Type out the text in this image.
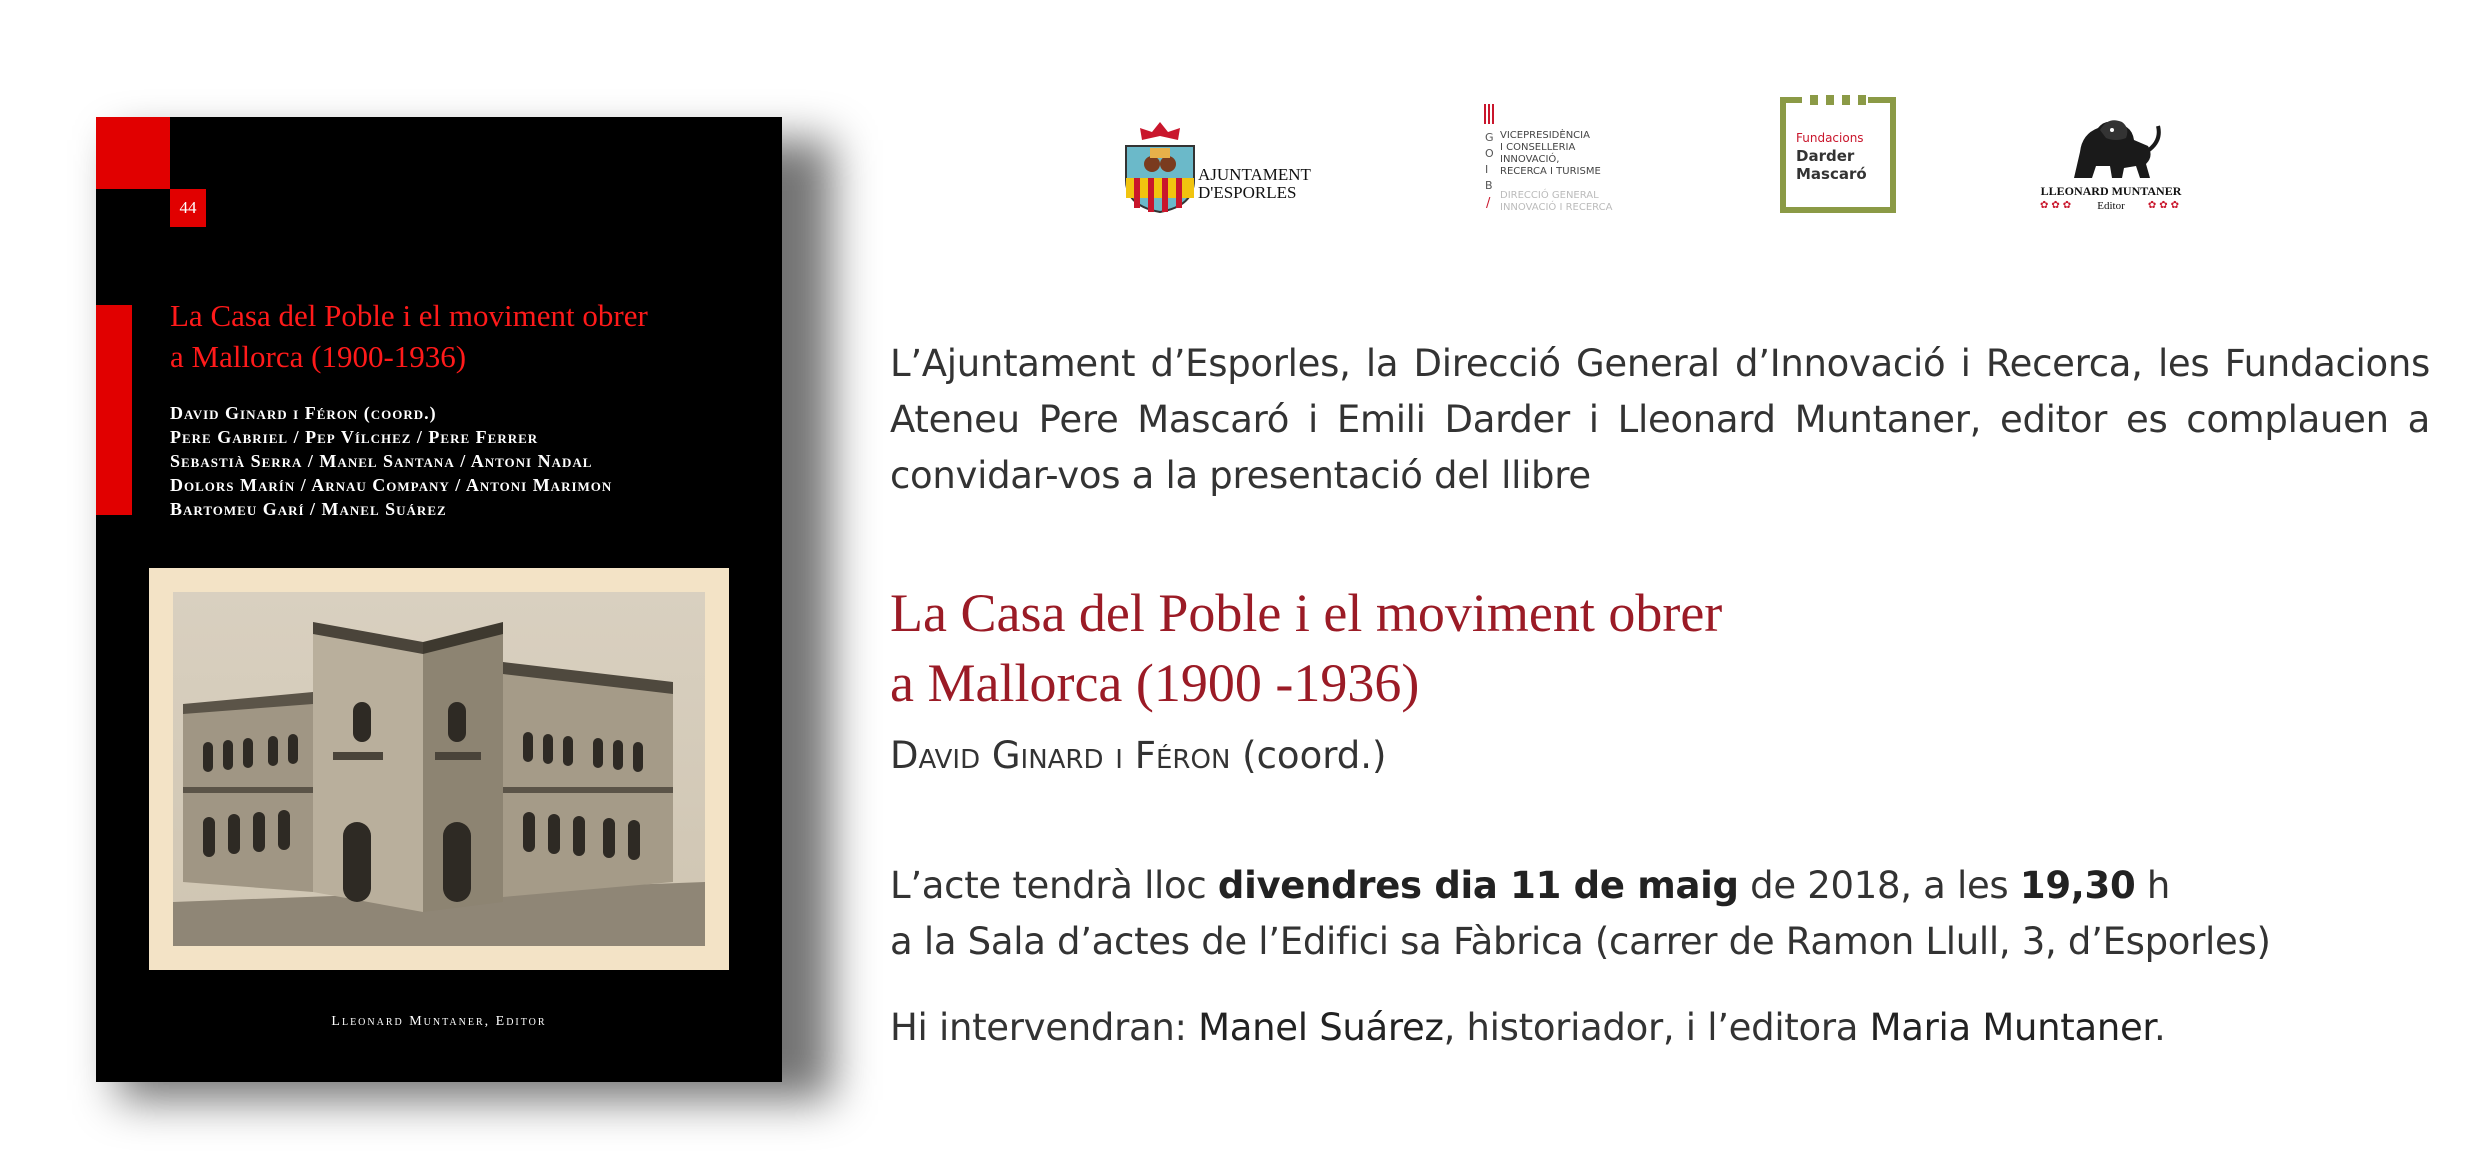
44
La Casa del Poble i el moviment obrer
a Mallorca (1900-1936)
David Ginard i Féron (coord.)
Pere Gabriel / Pep Vílchez / Pere Ferrer
Sebastià Serra / Manel Santana / Antoni Nadal
Dolors Marín / Arnau Company / Antoni Marimon
Bartomeu Garí / Manel Suárez
Lleonard Muntaner, Editor
AJUNTAMENT
D'ESPORLES
G
O
I
B
/
VICEPRESIDÈNCIA
I CONSELLERIA
INNOVACIÓ,
RECERCA I TURISME
DIRECCIÓ GENERAL
INNOVACIÓ I RECERCA
Fundacions
Darder
Mascaró
LLEONARD MUNTANER
✿✿✿	Editor	✿✿✿
L’Ajuntament d’Esporles, la Direcció General d’Innovació i Recerca, les Fundacions Ateneu Pere Mascaró i Emili Darder i Lleonard Muntaner, editor es complauen a convidar-vos a la presentació del llibre
La Casa del Poble i el moviment obrer
a Mallorca (1900 -1936)
David Ginard i Féron (coord.)
L’acte tendrà lloc divendres dia 11 de maig de 2018, a les 19,30 h
a la Sala d’actes de l’Edifici sa Fàbrica (carrer de Ramon Llull, 3, d’Esporles)
Hi intervendran: Manel Suárez, historiador, i l’editora Maria Muntaner.
